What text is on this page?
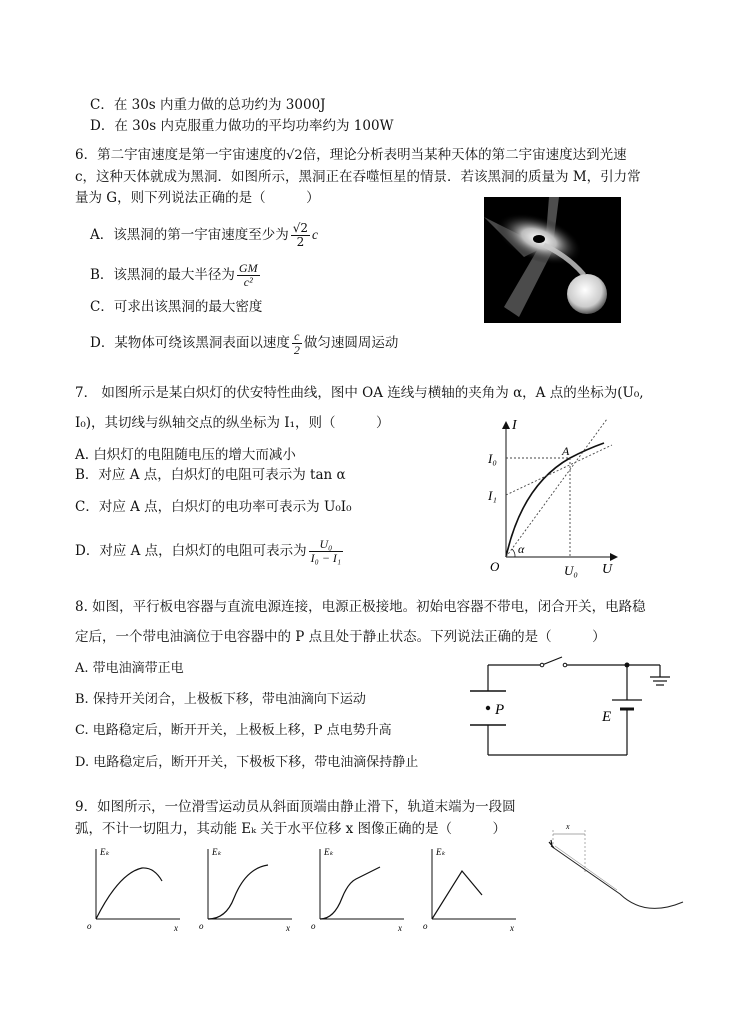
C．在 30s 内重力做的总功约为 3000J
D．在 30s 内克服重力做功的平均功率约为 100W
6．第二宇宙速度是第一宇宙速度的√2倍，理论分析表明当某种天体的第二宇宙速度达到光速
c，这种天体就成为黑洞．如图所示，黑洞正在吞噬恒星的情景．若该黑洞的质量为 M，引力常
量为 G，则下列说法正确的是（　　　）
A．该黑洞的第一宇宙速度至少为 $\frac{√2}{2}$ c
B．该黑洞的最大半径为 $\frac{GM}{\text{c²}}$
C．可求出该黑洞的最大密度
D．某物体可绕该黑洞表面以速度 $\frac{c}{2}$ 做匀速圆周运动
7． 如图所示是某白炽灯的伏安特性曲线，图中 OA 连线与横轴的夹角为 α，A 点的坐标为(U₀,
I₀)，其切线与纵轴交点的纵坐标为 I₁，则（　　　）
A. 白炽灯的电阻随电压的增大而减小
B．对应 A 点，白炽灯的电阻可表示为 tan α
C．对应 A 点，白炽灯的电功率可表示为 U₀I₀
D．对应 A 点，白炽灯的电阻可表示为 $\frac{\text{U₀}}{\text{I₀ − I₁}}$
I
U
O
A
I₀
I₁
U₀
α
8. 如图，平行板电容器与直流电源连接，电源正极接地。初始电容器不带电，闭合开关，电路稳
定后，一个带电油滴位于电容器中的 P 点且处于静止状态。下列说法正确的是（　　　）
A. 带电油滴带正电
B. 保持开关闭合，上极板下移，带电油滴向下运动
C. 电路稳定后，断开开关，上极板上移，P 点电势升高
D. 电路稳定后，断开开关，下极板下移，带电油滴保持静止
P	E
9．如图所示，一位滑雪运动员从斜面顶端由静止滑下，轨道末端为一段圆
弧，不计一切阻力，其动能 Eₖ 关于水平位移 x 图像正确的是（　　　）
Eₖ
x
o
Eₖ
x
o
Eₖ
x
o
Eₖ
x
o
x
